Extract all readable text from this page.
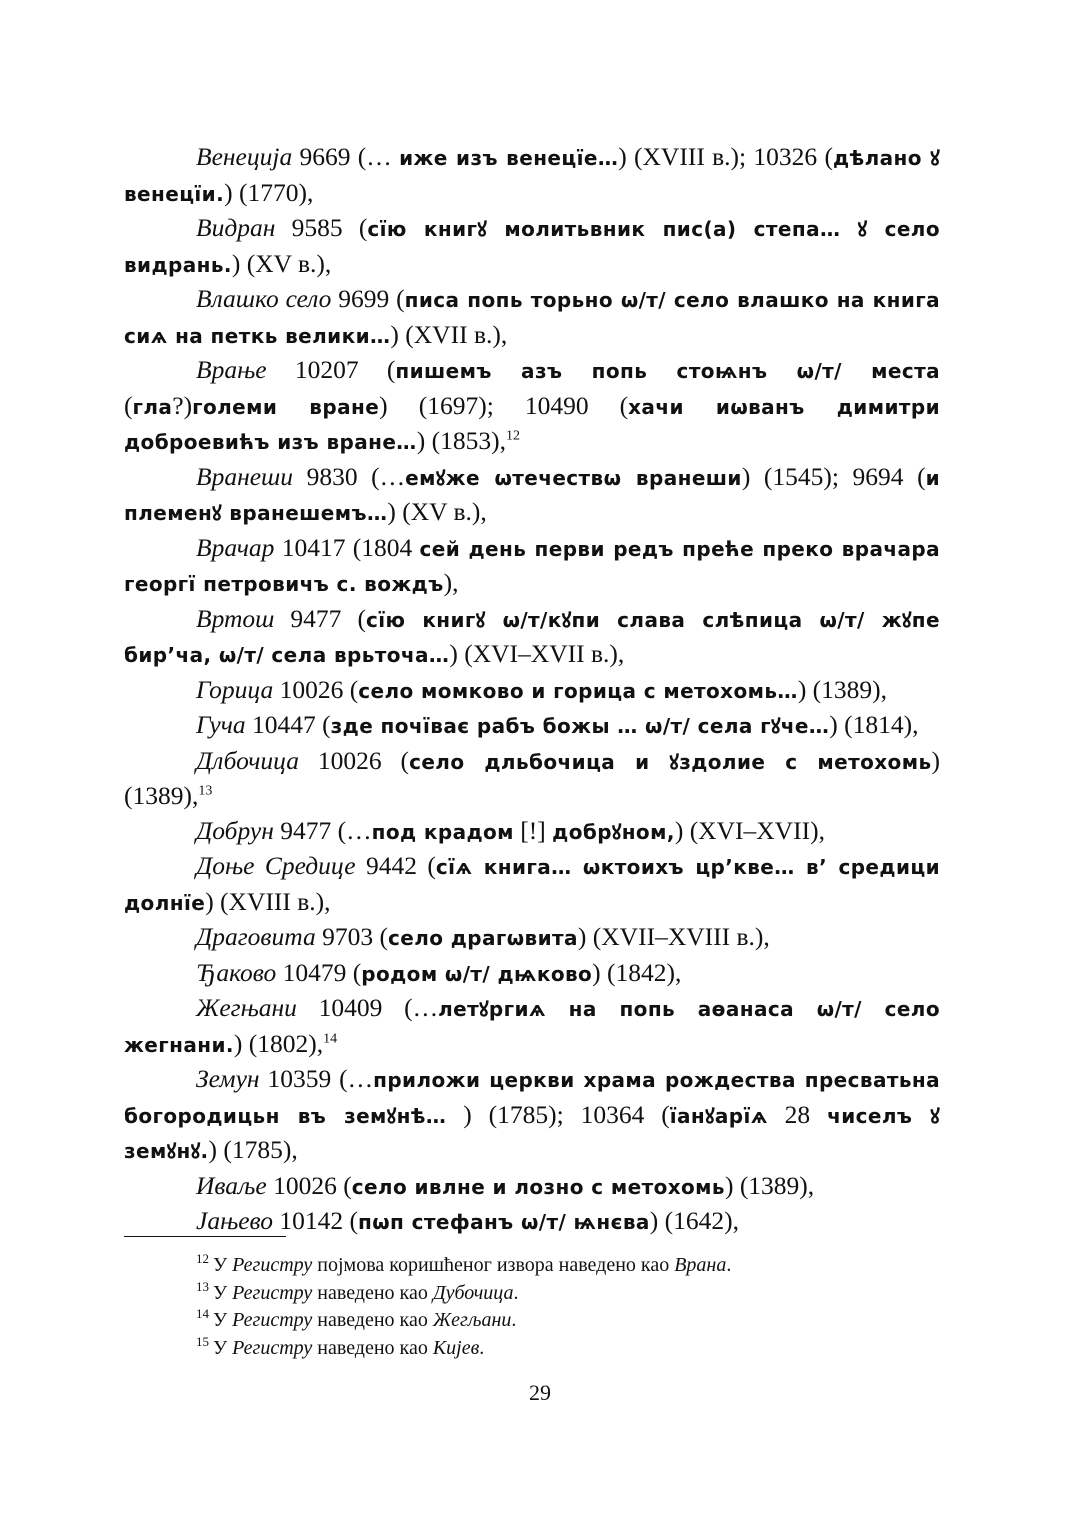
Венеција 9669 (… иже изъ венецїе…) (XVIII в.); 10326 (дѣлано ꙋ венецїи.) (1770),

Видран 9585 (сїю книгꙋ молитьвник пис(а) степа… ꙋ село видрань.) (XV в.),

Влашко село 9699 (писа попь торьно ѡ/т/ село влашко на книга сиѧ на петкь велики…) (XVII в.),

Врање 10207 (пишемъ азъ попь стоѩнъ ѡ/т/ места (гла?)големи вране) (1697); 10490 (хачи иѡванъ димитри доброевићъ изъ вране…) (1853),$^{12}$

Вранеши 9830 (…емꙋже ѡтечествѡ вранеши) (1545); 9694 (и племенꙋ вранешемъ…) (XV в.),

Врачар 10417 (1804 сей день перви редъ прећe преко врачара георгї петровичъ с. вождъ),

Вртош 9477 (сїю книгꙋ ѡ/т/кꙋпи слава слѣпица ѡ/т/ жꙋпе бир’ча, ѡ/т/ села врьточа…) (XVI–XVII в.),

Горица 10026 (село момково и горица с метохомь…) (1389),

Гуча 10447 (зде почїває рабъ божы … ѡ/т/ села гꙋче…) (1814),

Длбочица 10026 (село дльбочица и ꙋздолие с метохомь) (1389),$^{13}$

Добрун 9477 (…под крадом [!] добрꙋном,) (XVI–XVII),

Доње Средице 9442 (сїѧ книга… ѡктоихъ цр’кве… в’ средици долнїе) (XVIII в.),

Драговита 9703 (село драгѡвита) (XVII–XVIII в.),

Ђаково 10479 (родом ѡ/т/ дѩково) (1842),

Жегњани 10409 (…летꙋргиѧ на попь аѳанаса ѡ/т/ село жегнани.) (1802),$^{14}$

Земун 10359 (…приложи церкви храма рождества пресватьна богородицьн въ земꙋнѣ… ) (1785); 10364 (їанꙋарїѧ 28 чиселъ ꙋ земꙋнꙋ.) (1785),

Иваље 10026 (село ивлне и лозно с метохомь) (1389),

Јањево 10142 (пѡп стефанъ ѡ/т/ ѩнєвa) (1642),

$^{12}$ У Регистру појмова коришћеног извора наведено као Врана.

$^{13}$ У Регистру наведено као Дубочица.

$^{14}$ У Регистру наведено као Жегљани.

$^{15}$ У Регистру наведено као Кијев.

29
